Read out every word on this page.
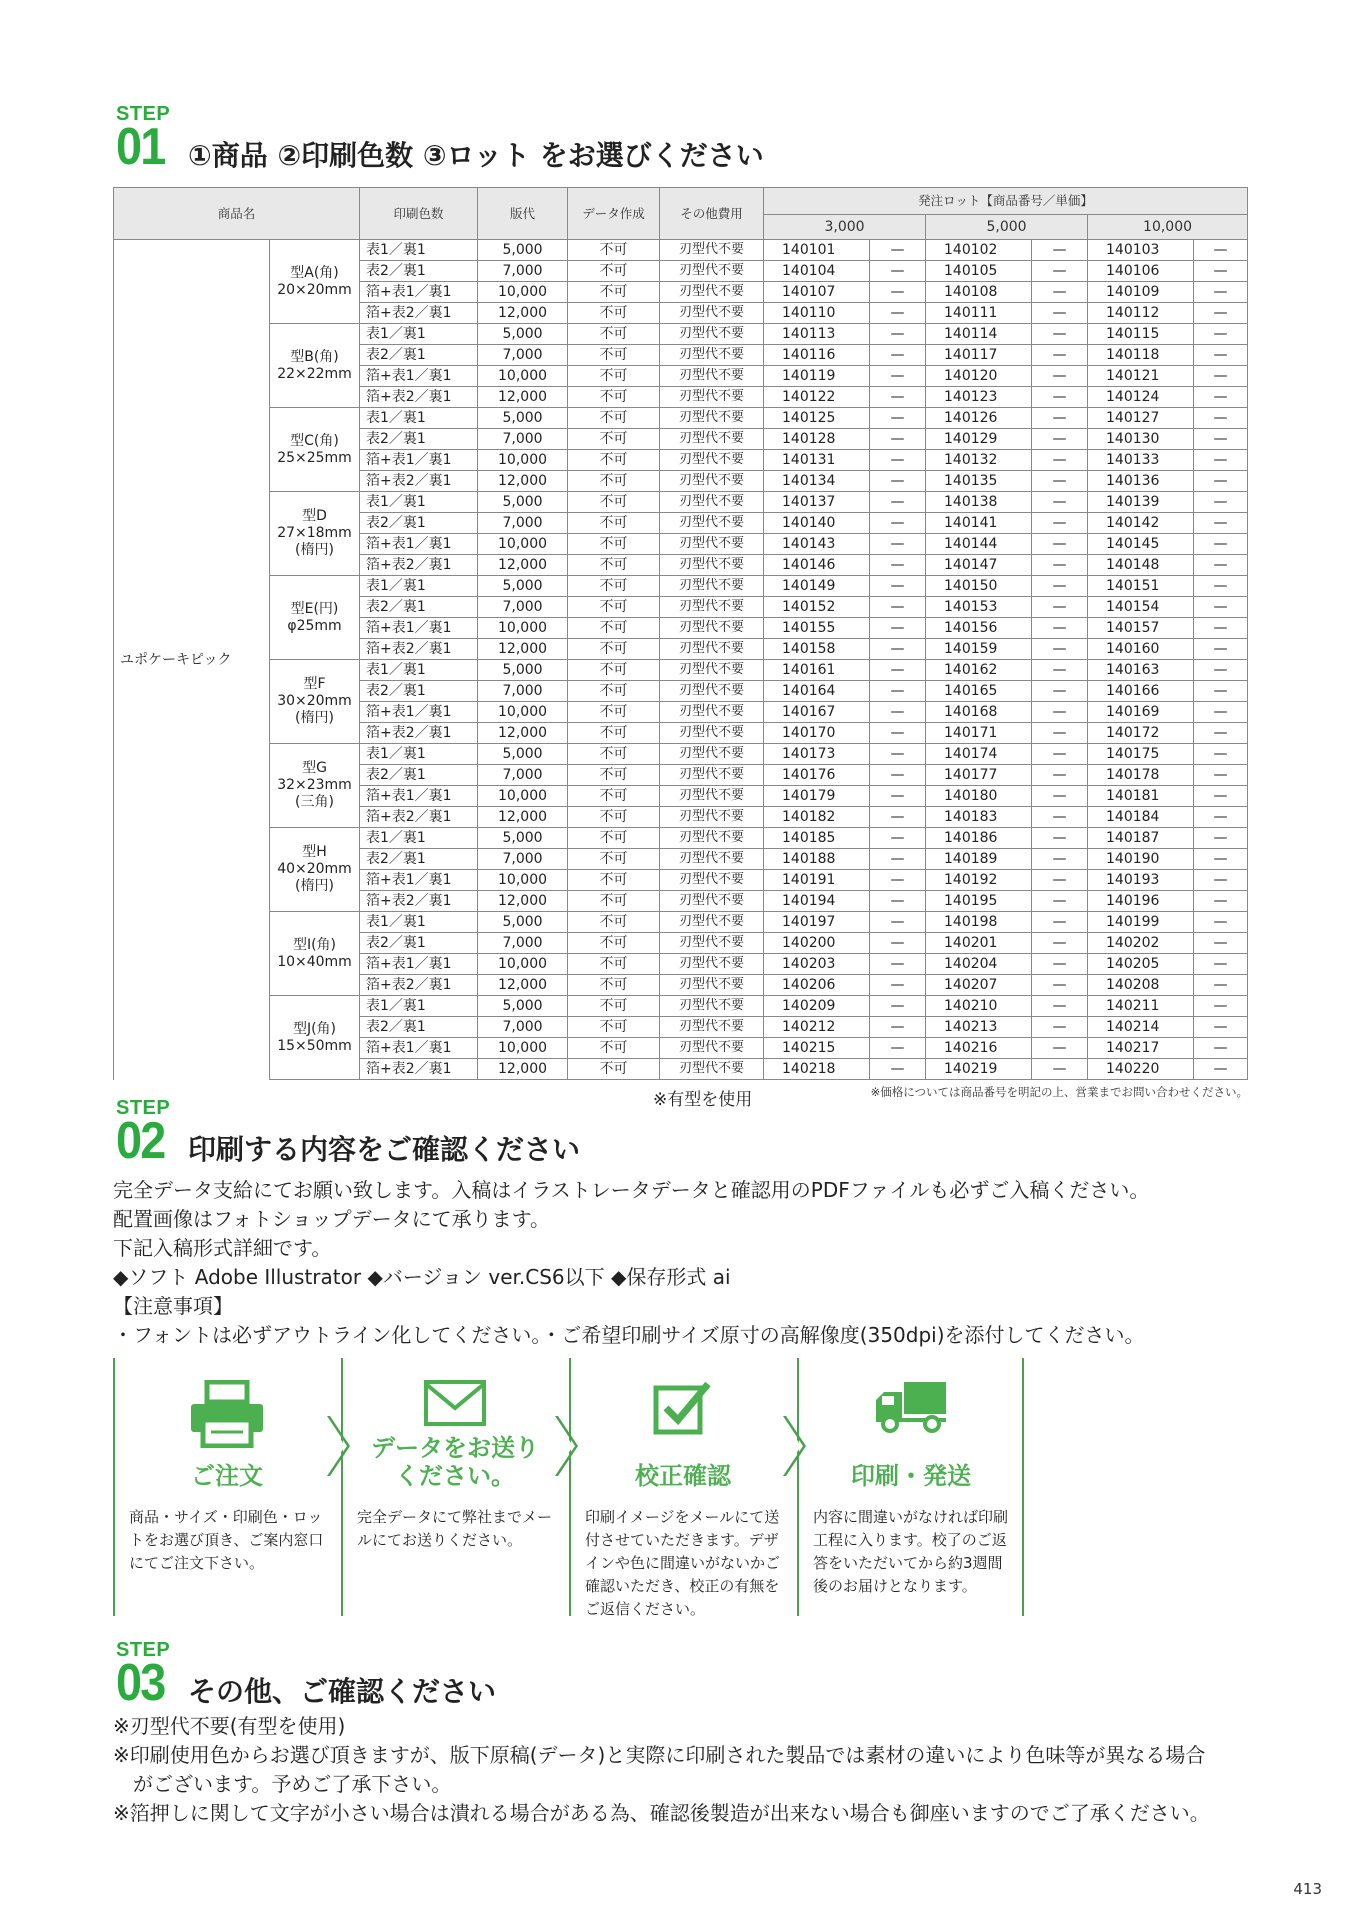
STEP
01 ①商品 ②印刷色数 ③ロット をお選びください
商品名		印刷色数	版代	データ作成	その他費用	発注ロット【商品番号／単価】					
						3,000		5,000		10,000	
ユポケーキピック	型A(角)
20×20mm	表1／裏1	5,000	不可	刃型代不要	140101	—	140102	—	140103	—
		表2／裏1	7,000	不可	刃型代不要	140104	—	140105	—	140106	—
		箔+表1／裏1	10,000	不可	刃型代不要	140107	—	140108	—	140109	—
		箔+表2／裏1	12,000	不可	刃型代不要	140110	—	140111	—	140112	—

	型B(角)
22×22mm	表1／裏1	5,000	不可	刃型代不要	140113	—	140114	—	140115	—
		表2／裏1	7,000	不可	刃型代不要	140116	—	140117	—	140118	—
		箔+表1／裏1	10,000	不可	刃型代不要	140119	—	140120	—	140121	—
		箔+表2／裏1	12,000	不可	刃型代不要	140122	—	140123	—	140124	—

	型C(角)
25×25mm	表1／裏1	5,000	不可	刃型代不要	140125	—	140126	—	140127	—
		表2／裏1	7,000	不可	刃型代不要	140128	—	140129	—	140130	—
		箔+表1／裏1	10,000	不可	刃型代不要	140131	—	140132	—	140133	—
		箔+表2／裏1	12,000	不可	刃型代不要	140134	—	140135	—	140136	—

	型D
27×18mm
(楕円)	表1／裏1	5,000	不可	刃型代不要	140137	—	140138	—	140139	—
		表2／裏1	7,000	不可	刃型代不要	140140	—	140141	—	140142	—
		箔+表1／裏1	10,000	不可	刃型代不要	140143	—	140144	—	140145	—
		箔+表2／裏1	12,000	不可	刃型代不要	140146	—	140147	—	140148	—

	型E(円)
φ25mm	表1／裏1	5,000	不可	刃型代不要	140149	—	140150	—	140151	—
		表2／裏1	7,000	不可	刃型代不要	140152	—	140153	—	140154	—
		箔+表1／裏1	10,000	不可	刃型代不要	140155	—	140156	—	140157	—
		箔+表2／裏1	12,000	不可	刃型代不要	140158	—	140159	—	140160	—

	型F
30×20mm
(楕円)	表1／裏1	5,000	不可	刃型代不要	140161	—	140162	—	140163	—
		表2／裏1	7,000	不可	刃型代不要	140164	—	140165	—	140166	—
		箔+表1／裏1	10,000	不可	刃型代不要	140167	—	140168	—	140169	—
		箔+表2／裏1	12,000	不可	刃型代不要	140170	—	140171	—	140172	—

	型G
32×23mm
(三角)	表1／裏1	5,000	不可	刃型代不要	140173	—	140174	—	140175	—
		表2／裏1	7,000	不可	刃型代不要	140176	—	140177	—	140178	—
		箔+表1／裏1	10,000	不可	刃型代不要	140179	—	140180	—	140181	—
		箔+表2／裏1	12,000	不可	刃型代不要	140182	—	140183	—	140184	—

	型H
40×20mm
(楕円)	表1／裏1	5,000	不可	刃型代不要	140185	—	140186	—	140187	—
		表2／裏1	7,000	不可	刃型代不要	140188	—	140189	—	140190	—
		箔+表1／裏1	10,000	不可	刃型代不要	140191	—	140192	—	140193	—
		箔+表2／裏1	12,000	不可	刃型代不要	140194	—	140195	—	140196	—

	型I(角)
10×40mm	表1／裏1	5,000	不可	刃型代不要	140197	—	140198	—	140199	—
		表2／裏1	7,000	不可	刃型代不要	140200	—	140201	—	140202	—
		箔+表1／裏1	10,000	不可	刃型代不要	140203	—	140204	—	140205	—
		箔+表2／裏1	12,000	不可	刃型代不要	140206	—	140207	—	140208	—

	型J(角)
15×50mm	表1／裏1	5,000	不可	刃型代不要	140209	—	140210	—	140211	—
		表2／裏1	7,000	不可	刃型代不要	140212	—	140213	—	140214	—
		箔+表1／裏1	10,000	不可	刃型代不要	140215	—	140216	—	140217	—
		箔+表2／裏1	12,000	不可	刃型代不要	140218	—	140219	—	140220	—
※有型を使用	※価格については商品番号を明記の上、営業までお問い合わせください。
STEP
02 印刷する内容をご確認ください
完全データ支給にてお願い致します。入稿はイラストレータデータと確認用のPDFファイルも必ずご入稿ください。
配置画像はフォトショップデータにて承ります。
下記入稿形式詳細です。
◆ソフト Adobe Illustrator ◆バージョン ver.CS6以下 ◆保存形式 ai
【注意事項】
・フォントは必ずアウトライン化してください。・ご希望印刷サイズ原寸の高解像度(350dpi)を添付してください。
ご注文
商品・サイズ・印刷色・ロットをお選び頂き、ご案内窓口にてご注文下さい。
データをお送り
ください。
完全データにて弊社までメールにてお送りください。
校正確認
印刷イメージをメールにて送付させていただきます。デザインや色に間違いがないかご確認いただき、校正の有無をご返信ください。
印刷・発送
内容に間違いがなければ印刷工程に入ります。校了のご返答をいただいてから約3週間後のお届けとなります。
STEP
03 その他、ご確認ください
※刃型代不要(有型を使用)
※印刷使用色からお選び頂きますが、版下原稿(データ)と実際に印刷された製品では素材の違いにより色味等が異なる場合
　がございます。予めご了承下さい。
※箔押しに関して文字が小さい場合は潰れる場合がある為、確認後製造が出来ない場合も御座いますのでご了承ください。
413
